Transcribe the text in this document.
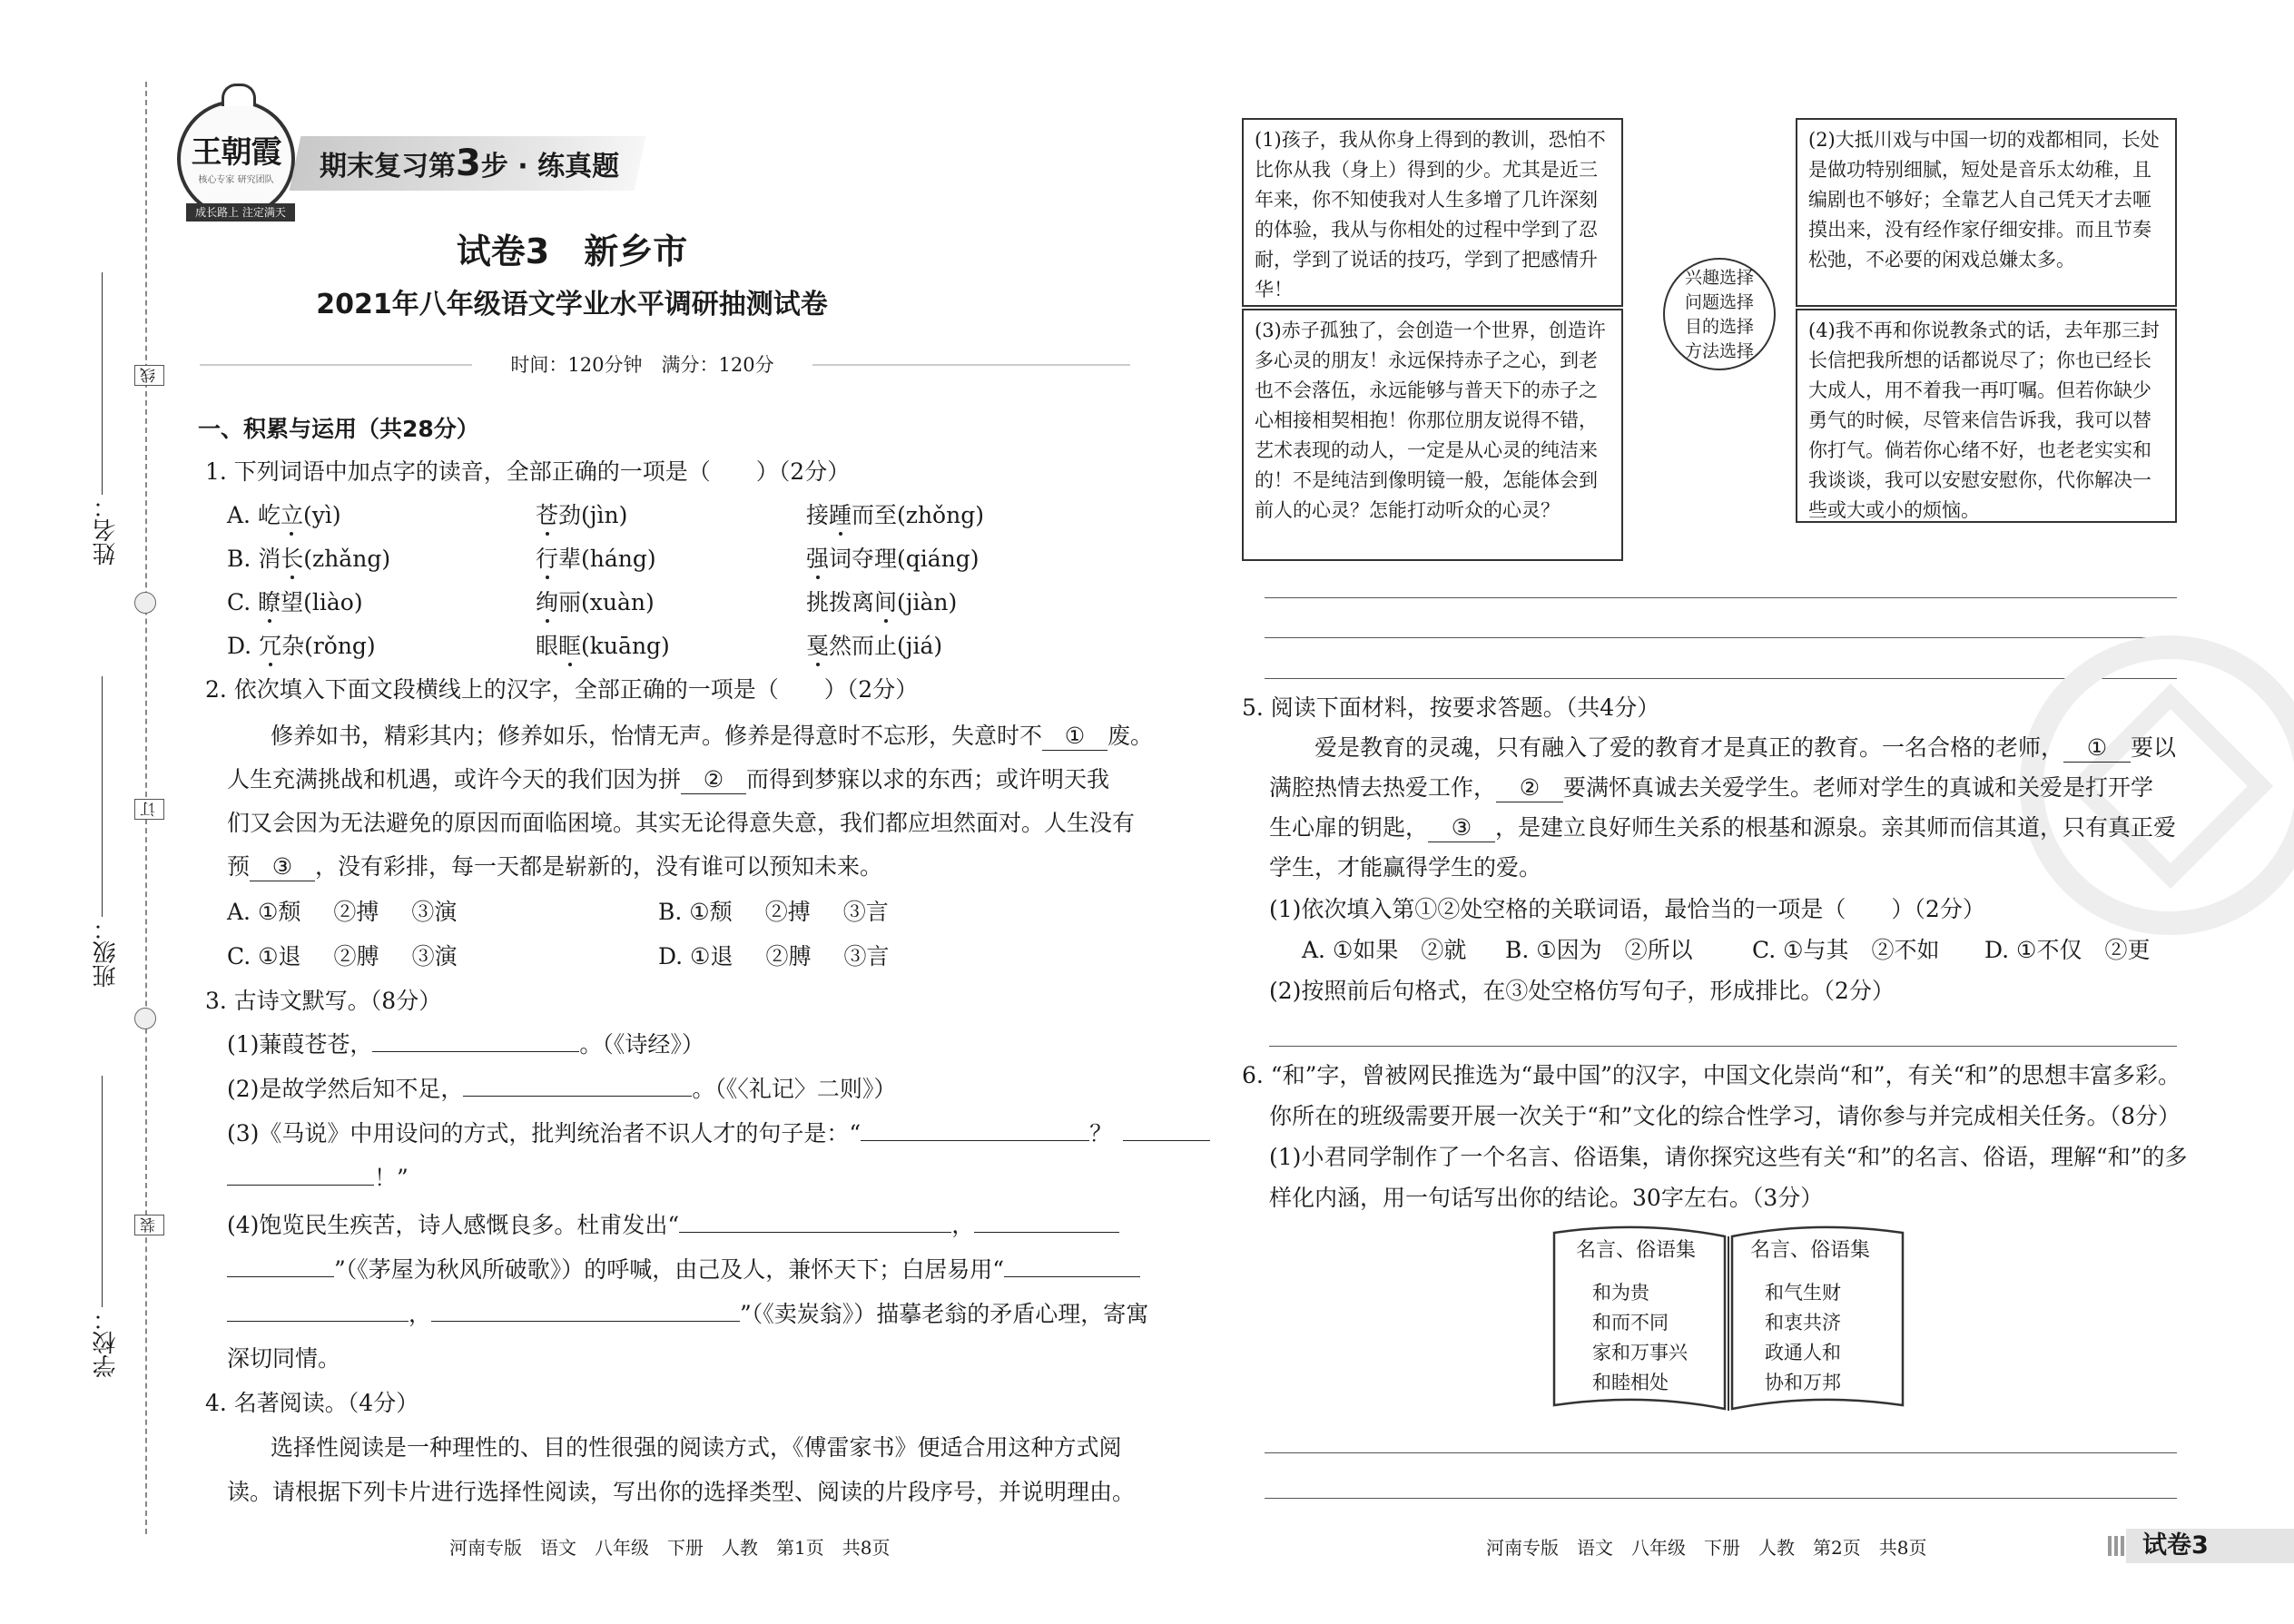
线
订
装
姓名：
班级：
学校：
王朝霞
核心专家 研究团队
成长路上 注定满天
期末复习第3步 · 练真题
试卷3　新乡市
2021年八年级语文学业水平调研抽测试卷
时间：120分钟　满分：120分
一、积累与运用（共28分）
1. 下列词语中加点字的读音，全部正确的一项是（　　）（2分）
A. 屹立(yì)	苍劲(jìn)	接踵而至(zhǒng)
B. 消长(zhǎng)	行辈(háng)	强词夺理(qiáng)
C. 瞭望(liào)	绚丽(xuàn)	挑拨离间(jiàn)
D. 冗杂(rǒng)	眼眶(kuāng)	戛然而止(jiá)
2. 依次填入下面文段横线上的汉字，全部正确的一项是（　　）（2分）
修养如书，精彩其内；修养如乐，怡情无声。修养是得意时不忘形，失意时不 ① 废。
人生充满挑战和机遇，或许今天的我们因为拼 ② 而得到梦寐以求的东西；或许明天我
们又会因为无法避免的原因而面临困境。其实无论得意失意，我们都应坦然面对。人生没有
预 ③ ，没有彩排，每一天都是崭新的，没有谁可以预知未来。
A. ①颓 ②搏 ③演	B. ①颓 ②搏 ③言
C. ①退 ②膊 ③演	D. ①退 ②膊 ③言
3. 古诗文默写。（8分）
(1)蒹葭苍苍，	。（《诗经》）
(2)是故学然后知不足，	。（《〈礼记〉二则》）
(3)《马说》中用设问的方式，批判统治者不识人才的句子是：“	？
！”
(4)饱览民生疾苦，诗人感慨良多。杜甫发出“	，
”（《茅屋为秋风所破歌》）的呼喊，由己及人，兼怀天下；白居易用“
，	”（《卖炭翁》）描摹老翁的矛盾心理，寄寓
深切同情。
4. 名著阅读。（4分）
选择性阅读是一种理性的、目的性很强的阅读方式，《傅雷家书》便适合用这种方式阅
读。请根据下列卡片进行选择性阅读，写出你的选择类型、阅读的片段序号，并说明理由。
(1)孩子，我从你身上得到的教训，恐怕不比你从我（身上）得到的少。尤其是近三年来，你不知使我对人生多增了几许深刻的体验，我从与你相处的过程中学到了忍耐，学到了说话的技巧，学到了把感情升华！
(2)大抵川戏与中国一切的戏都相同，长处是做功特别细腻，短处是音乐太幼稚，且编剧也不够好；全靠艺人自己凭天才去咂摸出来，没有经作家仔细安排。而且节奏松弛，不必要的闲戏总嫌太多。
(3)赤子孤独了，会创造一个世界，创造许多心灵的朋友！永远保持赤子之心，到老也不会落伍，永远能够与普天下的赤子之心相接相契相抱！你那位朋友说得不错，艺术表现的动人，一定是从心灵的纯洁来的！不是纯洁到像明镜一般，怎能体会到前人的心灵？怎能打动听众的心灵？
(4)我不再和你说教条式的话，去年那三封长信把我所想的话都说尽了；你也已经长大成人，用不着我一再叮嘱。但若你缺少勇气的时候，尽管来信告诉我，我可以替你打气。倘若你心绪不好，也老老实实和我谈谈，我可以安慰安慰你，代你解决一些或大或小的烦恼。
兴趣选择
问题选择
目的选择
方法选择
5. 阅读下面材料，按要求答题。（共4分）
爱是教育的灵魂，只有融入了爱的教育才是真正的教育。一名合格的老师， ① 要以
满腔热情去热爱工作， ② 要满怀真诚去关爱学生。老师对学生的真诚和关爱是打开学
生心扉的钥匙， ③ ，是建立良好师生关系的根基和源泉。亲其师而信其道，只有真正爱
学生，才能赢得学生的爱。
(1)依次填入第①②处空格的关联词语，最恰当的一项是（　　）（2分）
A. ①如果　②就 B. ①因为　②所以	C. ①与其　②不如 D. ①不仅　②更
(2)按照前后句格式，在③处空格仿写句子，形成排比。（2分）
6. “和”字，曾被网民推选为“最中国”的汉字，中国文化崇尚“和”，有关“和”的思想丰富多彩。
你所在的班级需要开展一次关于“和”文化的综合性学习，请你参与并完成相关任务。（8分）
(1)小君同学制作了一个名言、俗语集，请你探究这些有关“和”的名言、俗语，理解“和”的多
样化内涵，用一句话写出你的结论。30字左右。（3分）
名言、俗语集
和为贵
和而不同
家和万事兴
和睦相处
名言、俗语集
和气生财
和衷共济
政通人和
协和万邦
河南专版　语文　八年级　下册　人教　第1页　共8页	河南专版　语文　八年级　下册　人教　第2页　共8页	试卷3
